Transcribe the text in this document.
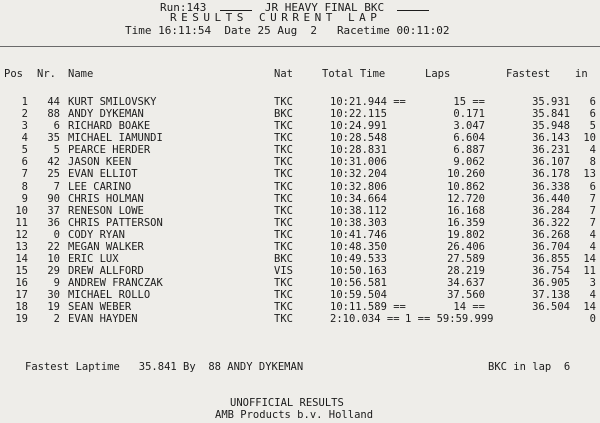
Run:143	JR HEAVY FINAL BKC
RESULTS CURRENT LAP
Time 16:11:54 Date 25 Aug  2 Racetime 00:11:02
Pos Nr. Name	Nat	Total Time	Laps	Fastest in
1	44 KURT SMILOVSKY	TKC	10:21.944 ==	15 ==	35.931	6
2	88 ANDY DYKEMAN	BKC	10:22.115	0.171	35.841	6
3	6 RICHARD BOAKE	TKC	10:24.991	3.047	35.948	5
4	35 MICHAEL IAMUNDI	TKC	10:28.548	6.604	36.143	10
5	5 PEARCE HERDER	TKC	10:28.831	6.887	36.231	4
6	42 JASON KEEN	TKC	10:31.006	9.062	36.107	8
7	25 EVAN ELLIOT	TKC	10:32.204	10.260	36.178	13
8	7 LEE CARINO	TKC	10:32.806	10.862	36.338	6
9	90 CHRIS HOLMAN	TKC	10:34.664	12.720	36.440	7
10	37 RENESON LOWE	TKC	10:38.112	16.168	36.284	7
11	36 CHRIS PATTERSON	TKC	10:38.303	16.359	36.322	7
12	0 CODY RYAN	TKC	10:41.746	19.802	36.268	4
13	22 MEGAN WALKER	TKC	10:48.350	26.406	36.704	4
14	10 ERIC LUX	BKC	10:49.533	27.589	36.855	14
15	29 DREW ALLFORD	VIS	10:50.163	28.219	36.754	11
16	9 ANDREW FRANCZAK	TKC	10:56.581	34.637	36.905	3
17	30 MICHAEL ROLLO	TKC	10:59.504	37.560	37.138	4
18	19 SEAN WEBER	TKC	10:11.589 ==	14 ==	36.504	14
19	2 EVAN HAYDEN	TKC	2:10.034 == 1 == 59:59.999	0
Fastest Laptime   35.841 By  88 ANDY DYKEMAN	BKC in lap  6
UNOFFICIAL RESULTS
AMB Products b.v. Holland
